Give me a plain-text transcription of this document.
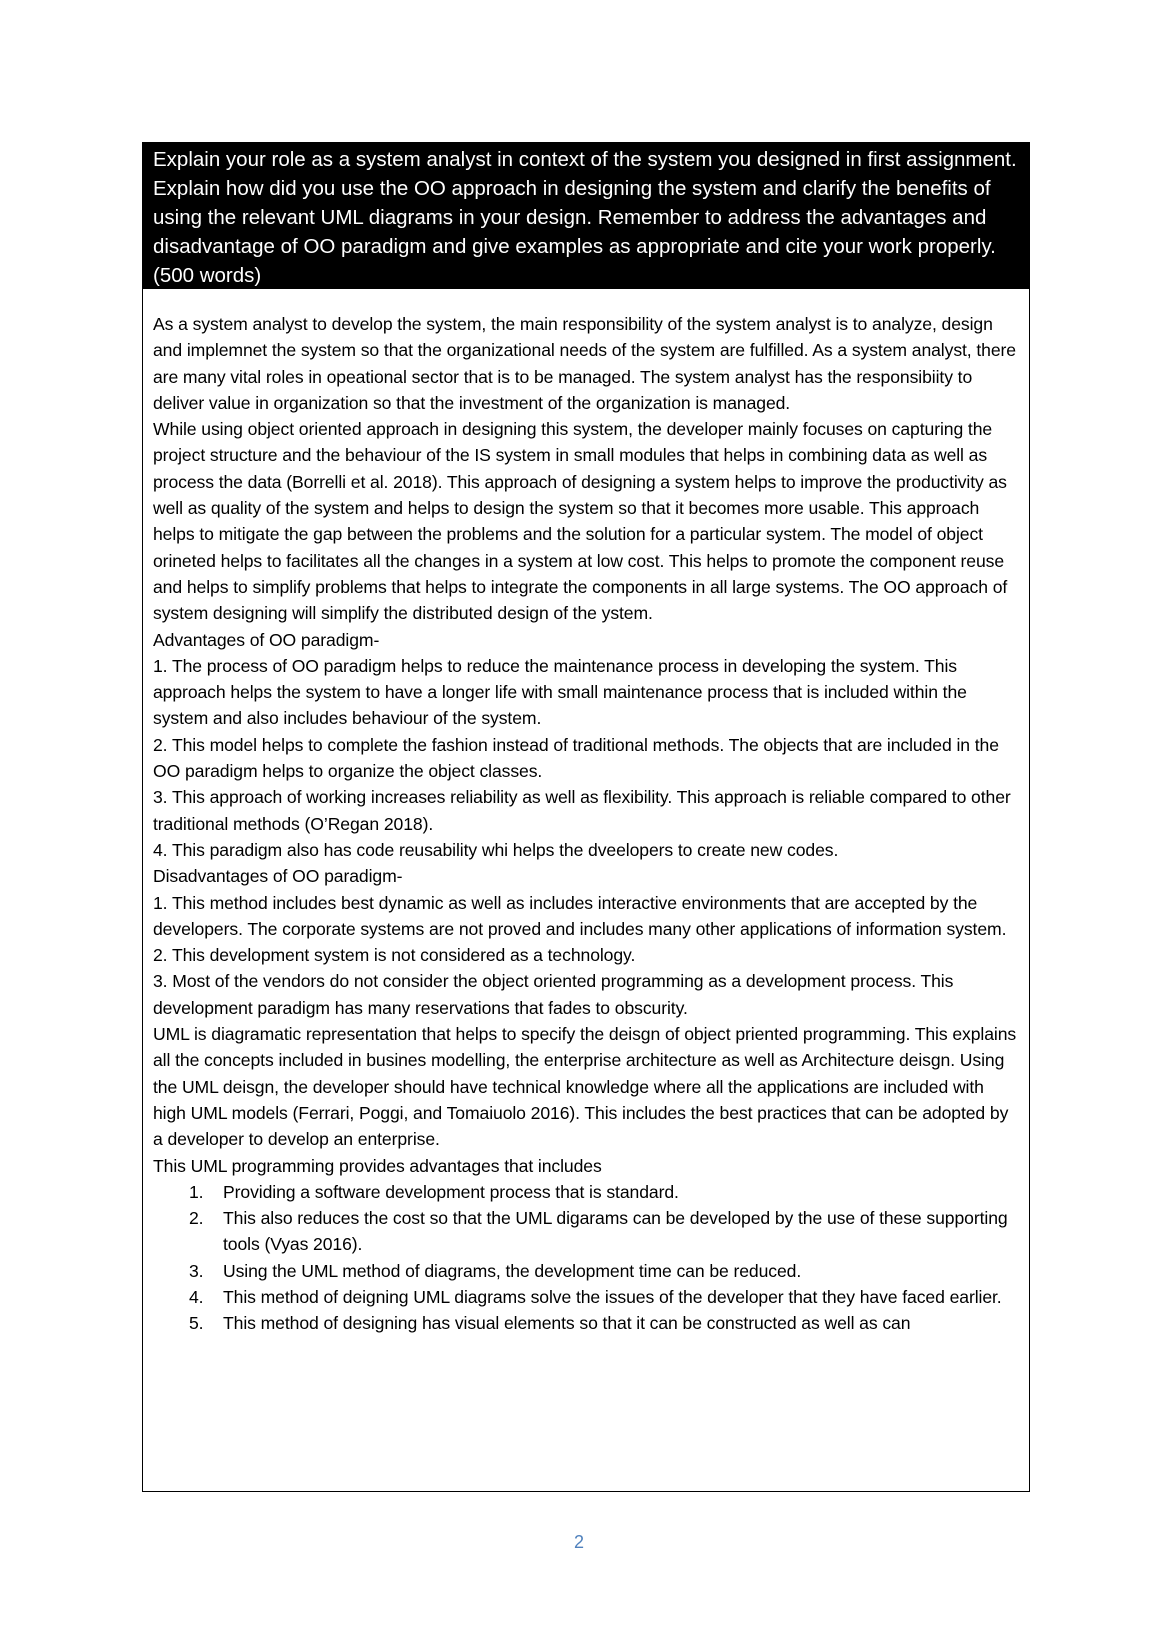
Explain your role as a system analyst in context of the system you designed in first assignment. Explain how did you use the OO approach in designing the system and clarify the benefits of using the relevant UML diagrams in your design. Remember to address the advantages and disadvantage of OO paradigm and give examples as appropriate and cite your work properly. (500 words)

As a system analyst to develop the system, the main responsibility of the system analyst is to analyze, design and implemnet the system so that the organizational needs of the system are fulfilled. As a system analyst, there are many vital roles in opeational sector that is to be managed. The system analyst has the responsibiity to deliver value in organization so that the investment of the organization is managed.

While using object oriented approach in designing this system, the developer mainly focuses on capturing the project structure and the behaviour of the IS system in small modules that helps in combining data as well as process the data (Borrelli et al. 2018). This approach of designing a system helps to improve the productivity as well as quality of the system and helps to design the system so that it becomes more usable. This approach helps to mitigate the gap between the problems and the solution for a particular system. The model of object orineted helps to facilitates all the changes in a system at low cost. This helps to promote the component reuse and helps to simplify problems that helps to integrate the components in all large systems. The OO approach of system designing will simplify the distributed design of the ystem.

Advantages of OO paradigm-

1. The process of OO paradigm helps to reduce the maintenance process in developing the system. This approach helps the system to have a longer life with small maintenance process that is included within the system and also includes behaviour of the system.

2. This model helps to complete the fashion instead of traditional methods. The objects that are included in the OO paradigm helps to organize the object classes.

3. This approach of working increases reliability as well as flexibility. This approach is reliable compared to other traditional methods (O’Regan 2018).

4. This paradigm also has code reusability whi helps the dveelopers to create new codes.

Disadvantages of OO paradigm-

1. This method includes best dynamic as well as includes interactive environments that are accepted by the developers. The corporate systems are not proved and includes many other applications of information system.

2. This development system is not considered as a technology.

3. Most of the vendors do not consider the object oriented programming as a development process. This development paradigm has many reservations that fades to obscurity.

UML is diagramatic representation that helps to specify the deisgn of object priented programming. This explains all the concepts included in busines modelling, the enterprise architecture as well as Architecture deisgn. Using the UML deisgn, the developer should have technical knowledge where all the applications are included with high UML models (Ferrari, Poggi, and Tomaiuolo 2016). This includes the best practices that can be adopted by a developer to develop an enterprise.

This UML programming provides advantages that includes

1. Providing a software development process that is standard.
2. This also reduces the cost so that the UML digarams can be developed by the use of these supporting tools (Vyas 2016).
3. Using the UML method of diagrams, the development time can be reduced.
4. This method of deigning UML diagrams solve the issues of the developer that they have faced earlier.
5. This method of designing has visual elements so that it can be constructed as well as can
2
